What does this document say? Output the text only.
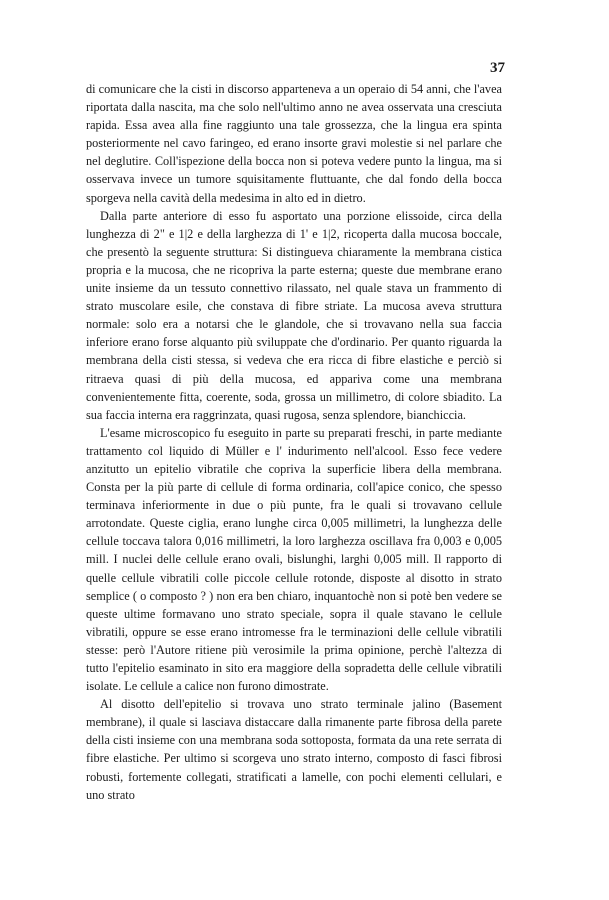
37

di comunicare che la cisti in discorso apparteneva a un operaio di 54 anni, che l'avea riportata dalla nascita, ma che solo nell'ultimo anno ne avea osservata una cresciuta rapida. Essa avea alla fine raggiunto una tale grossezza, che la lingua era spinta posteriormente nel cavo faringeo, ed erano insorte gravi molestie si nel parlare che nel deglutire. Coll'ispezione della bocca non si poteva vedere punto la lingua, ma si osservava invece un tumore squisitamente fluttuante, che dal fondo della bocca sporgeva nella cavità della medesima in alto ed in dietro.

Dalla parte anteriore di esso fu asportato una porzione elissoide, circa della lunghezza di 2" e 1|2 e della larghezza di 1' e 1|2, ricoperta dalla mucosa boccale, che presentò la seguente struttura: Si distingueva chiaramente la membrana cistica propria e la mucosa, che ne ricopriva la parte esterna; queste due membrane erano unite insieme da un tessuto connettivo rilassato, nel quale stava un frammento di strato muscolare esile, che constava di fibre striate. La mucosa aveva struttura normale: solo era a notarsi che le glandole, che si trovavano nella sua faccia inferiore erano forse alquanto più sviluppate che d'ordinario. Per quanto riguarda la membrana della cisti stessa, si vedeva che era ricca di fibre elastiche e perciò si ritraeva quasi di più della mucosa, ed appariva come una membrana convenientemente fitta, coerente, soda, grossa un millimetro, di colore sbiadito. La sua faccia interna era raggrinzata, quasi rugosa, senza splendore, bianchiccia.

L'esame microscopico fu eseguito in parte su preparati freschi, in parte mediante trattamento col liquido di Müller e l' indurimento nell'alcool. Esso fece vedere anzitutto un epitelio vibratile che copriva la superficie libera della membrana. Consta per la più parte di cellule di forma ordinaria, coll'apice conico, che spesso terminava inferiormente in due o più punte, fra le quali si trovavano cellule arrotondate. Queste ciglia, erano lunghe circa 0,005 millimetri, la lunghezza delle cellule toccava talora 0,016 millimetri, la loro larghezza oscillava fra 0,003 e 0,005 mill. I nuclei delle cellule erano ovali, bislunghi, larghi 0,005 mill. Il rapporto di quelle cellule vibratili colle piccole cellule rotonde, disposte al disotto in strato semplice ( o composto ? ) non era ben chiaro, inquantochè non si potè ben vedere se queste ultime formavano uno strato speciale, sopra il quale stavano le cellule vibratili, oppure se esse erano intromesse fra le terminazioni delle cellule vibratili stesse: però l'Autore ritiene più verosimile la prima opinione, perchè l'altezza di tutto l'epitelio esaminato in sito era maggiore della sopradetta delle cellule vibratili isolate. Le cellule a calice non furono dimostrate.

Al disotto dell'epitelio si trovava uno strato terminale jalino (Basement membrane), il quale si lasciava distaccare dalla rimanente parte fibrosa della parete della cisti insieme con una membrana soda sottoposta, formata da una rete serrata di fibre elastiche. Per ultimo si scorgeva uno strato interno, composto di fasci fibrosi robusti, fortemente collegati, stratificati a lamelle, con pochi elementi cellulari, e uno strato
